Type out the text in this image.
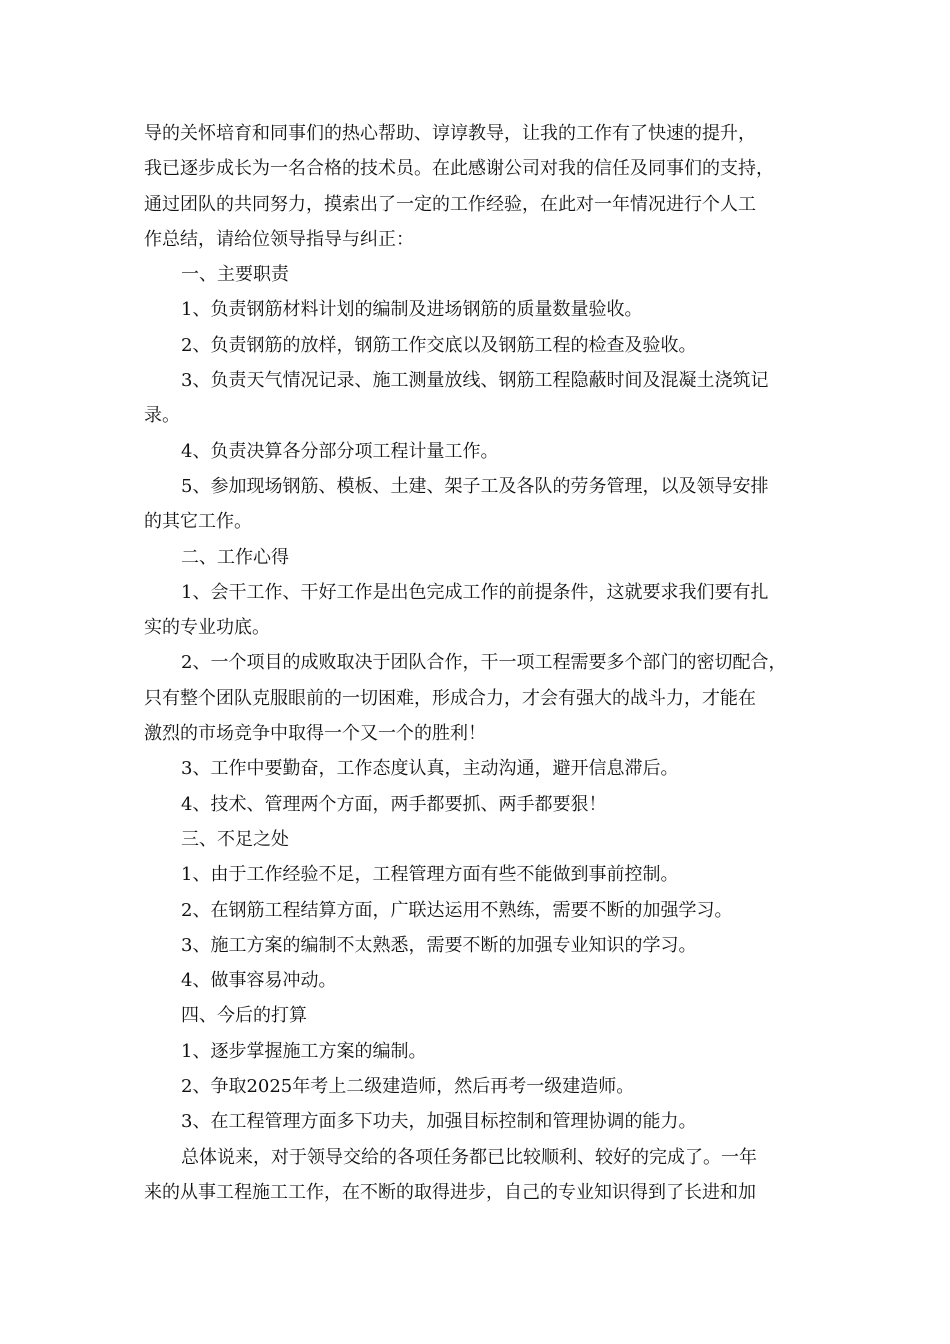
导的关怀培育和同事们的热心帮助、谆谆教导，让我的工作有了快速的提升，

我已逐步成长为一名合格的技术员。在此感谢公司对我的信任及同事们的支持，

通过团队的共同努力，摸索出了一定的工作经验，在此对一年情况进行个人工

作总结，请给位领导指导与纠正：

一、主要职责

1、负责钢筋材料计划的编制及进场钢筋的质量数量验收。

2、负责钢筋的放样，钢筋工作交底以及钢筋工程的检查及验收。

3、负责天气情况记录、施工测量放线、钢筋工程隐蔽时间及混凝土浇筑记

录。

4、负责决算各分部分项工程计量工作。

5、参加现场钢筋、模板、土建、架子工及各队的劳务管理，以及领导安排

的其它工作。

二、工作心得

1、会干工作、干好工作是出色完成工作的前提条件，这就要求我们要有扎

实的专业功底。

2、一个项目的成败取决于团队合作，干一项工程需要多个部门的密切配合，

只有整个团队克服眼前的一切困难，形成合力，才会有强大的战斗力，才能在

激烈的市场竞争中取得一个又一个的胜利！

3、工作中要勤奋，工作态度认真，主动沟通，避开信息滞后。

4、技术、管理两个方面，两手都要抓、两手都要狠！

三、不足之处

1、由于工作经验不足，工程管理方面有些不能做到事前控制。

2、在钢筋工程结算方面，广联达运用不熟练，需要不断的加强学习。

3、施工方案的编制不太熟悉，需要不断的加强专业知识的学习。

4、做事容易冲动。

四、今后的打算

1、逐步掌握施工方案的编制。

2、争取2025年考上二级建造师，然后再考一级建造师。

3、在工程管理方面多下功夫，加强目标控制和管理协调的能力。

总体说来，对于领导交给的各项任务都已比较顺利、较好的完成了。一年

来的从事工程施工工作，在不断的取得进步，自己的专业知识得到了长进和加
